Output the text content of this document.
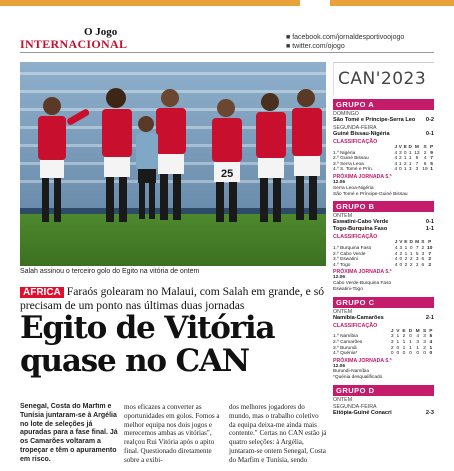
O Jogo
INTERNACIONAL	■ facebook.com/jornaldesportivoojogo
■ twitter.com/ojogo
25
Salah assinou o terceiro golo do Egito na vitória de ontem
ÁFRICA Faraós golearam no Malaui, com Salah em grande, e só precisam de um ponto nas últimas duas jornadas
Egito de Vitória
quase no CAN
Senegal, Costa do Marfim e Tunísia juntaram-se à Argélia no lote de seleções já apuradas para a fase final. Já os Camarões voltaram a tropeçar e têm o apuramento em risco.
mos eficazes a converter as oportunidades em golos. Fomos a melhor equipa nos dois jogos e merecemos ambas as vitórias", realçou Rui Vitória após o apito final. Questionado diretamente sobre a exibi-
dos melhores jogadores do mundo, mas o trabalho coletivo da equipa deixa-me ainda mais contente." Certas no CAN estão já quatro seleções: à Argélia, juntaram-se ontem Senegal, Costa do Marfim e Tunísia, sendo
CAN'2023
GRUPO A
DOMINGO
São Tomé e Príncipe-Serra Leo 0-2
SEGUNDA-FEIRA
Guiné Bissau-Nigéria	0-1
CLASSIFICAÇÃO
	J	V	E	D	M	S	P
1.º Nigéria	4	3	0	1	13	2	9
2.º Guiné Bissau	4	2	1	1	8	4	7
3.º Serra Leoa	4	1	2	1	7	6	5
4.º S. Tomé e Prín.	4	0	1	3	3	19	1
PRÓXIMA JORNADA 5.ª
12.06
Serra Leoa-Nigéria
São Tomé e Príncipe-Guiné Bissau
GRUPO B
ONTEM
Eswatini-Cabo Verde	0-1
Togo-Burquina Faso	1-1
CLASSIFICAÇÃO
	J	V	E	D	M	S	P
1.º Burquina Faso	4	3	1	0	7	2	10
2.º Cabo Verde	4	2	1	1	5	3	7
3.º Eswatini	4	0	2	2	3	6	2
4.º Togo	4	0	2	2	2	6	2
PRÓXIMA JORNADA 5.ª
12.06
Cabo Verde-Burquina Faso
Eswatini-Togo
GRUPO C
ONTEM
Namíbia-Camarões	2-1
CLASSIFICAÇÃO
	J	V	E	D	M	S	P
1.º Namíbia	3	1	2	0	4	3	5
2.º Camarões	3	1	1	1	3	3	4
3.º Burundi	2	0	1	1	1	2	1
4.º Quénia*	0	0	0	0	0	0	0
PRÓXIMA JORNADA 5.ª
12.06
Burundi-Namíbia
*Quénia desqualificado
GRUPO D
ONTEM
SEGUNDA-FEIRA
Etiópia-Guiné Conacri	2-3
